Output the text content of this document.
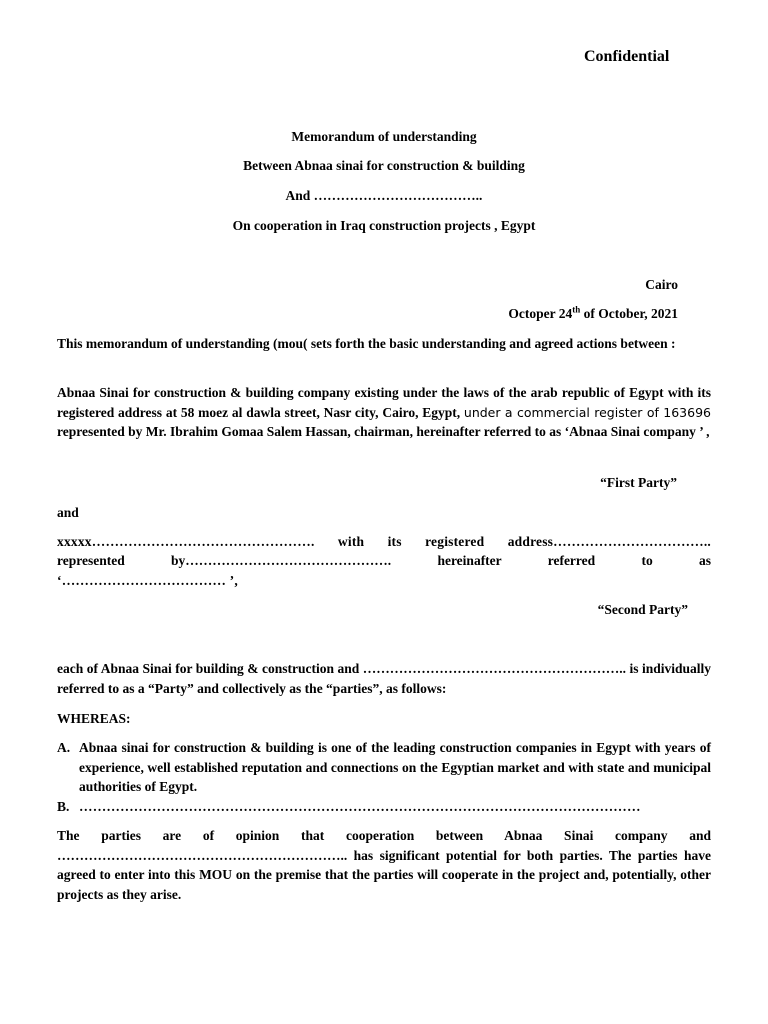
Confidential

Memorandum of understanding

Between Abnaa sinai for construction & building

And ………………………………..

On cooperation in Iraq construction projects , Egypt

Cairo

Octoper 24th of October, 2021

This memorandum of understanding (mou( sets forth the basic understanding and agreed actions between :

Abnaa Sinai for construction & building company existing under the laws of the arab republic of Egypt with its registered address at 58 moez al dawla street, Nasr city, Cairo, Egypt, under a commercial register of 163696 represented by Mr. Ibrahim Gomaa Salem Hassan, chairman, hereinafter referred to as ‘Abnaa Sinai company ’ ,

“First Party”

and

xxxxx…………………………………………. with its registered address……………………………..

represented by………………………………………. hereinafter referred to as

‘……………………………… ’,

“Second Party”

each of Abnaa Sinai for building & construction and ………………………………………………….. is individually referred to as a “Party” and collectively as the “parties”, as follows:

WHEREAS:

A. Abnaa sinai for construction & building is one of the leading construction companies in Egypt with years of experience, well established reputation and connections on the Egyptian market and with state and municipal authorities of Egypt.
B. ……………………………………………………………………………………………………………

The parties are of opinion that cooperation between Abnaa Sinai company and ……………………………………………………….. has significant potential for both parties. The parties have agreed to enter into this MOU on the premise that the parties will cooperate in the project and, potentially, other projects as they arise.
